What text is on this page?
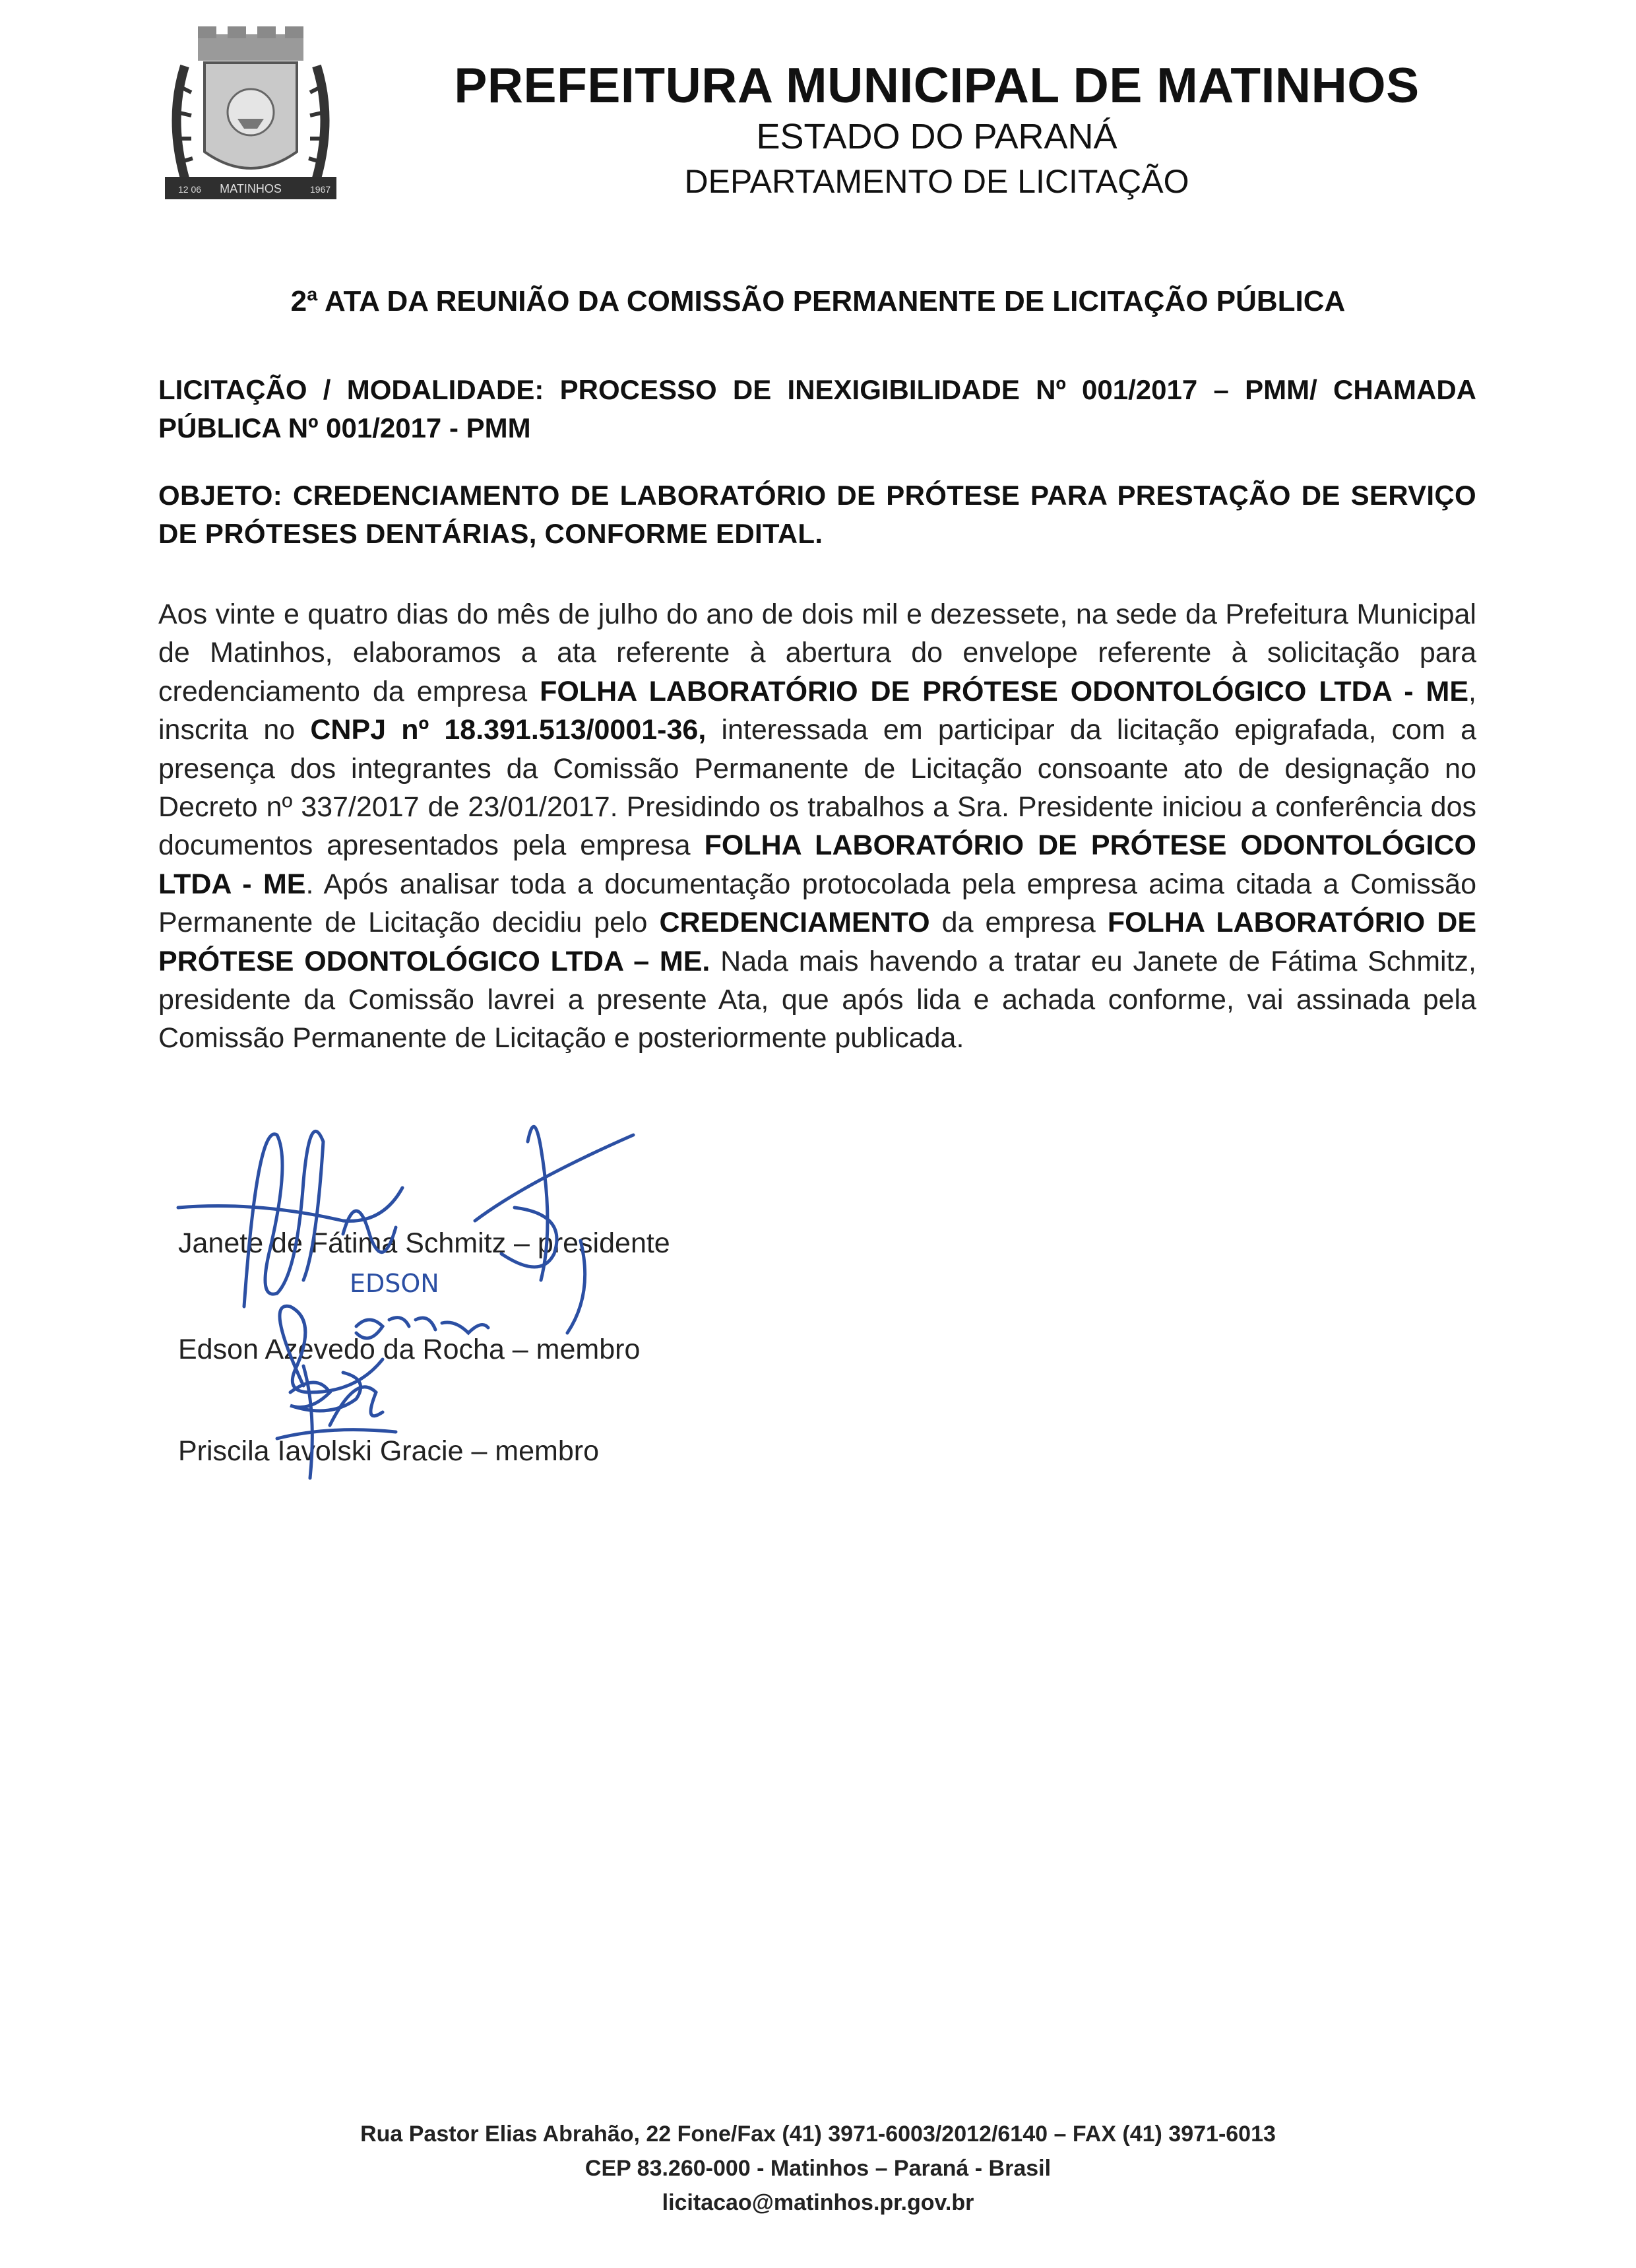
MATINHOS
12 06	1967
PREFEITURA MUNICIPAL DE MATINHOS
ESTADO DO PARANÁ
DEPARTAMENTO DE LICITAÇÃO
2ª ATA DA REUNIÃO DA COMISSÃO PERMANENTE DE LICITAÇÃO PÚBLICA
LICITAÇÃO / MODALIDADE: PROCESSO DE INEXIGIBILIDADE Nº 001/2017 – PMM/ CHAMADA PÚBLICA Nº 001/2017 - PMM
OBJETO: CREDENCIAMENTO DE LABORATÓRIO DE PRÓTESE PARA PRESTAÇÃO DE SERVIÇO DE PRÓTESES DENTÁRIAS, CONFORME EDITAL.
Aos vinte e quatro dias do mês de julho do ano de dois mil e dezessete, na sede da Prefeitura Municipal de Matinhos, elaboramos a ata referente à abertura do envelope referente à solicitação para credenciamento da empresa FOLHA LABORATÓRIO DE PRÓTESE ODONTOLÓGICO LTDA - ME, inscrita no CNPJ nº 18.391.513/0001-36, interessada em participar da licitação epigrafada, com a presença dos integrantes da Comissão Permanente de Licitação consoante ato de designação no Decreto nº 337/2017 de 23/01/2017. Presidindo os trabalhos a Sra. Presidente iniciou a conferência dos documentos apresentados pela empresa FOLHA LABORATÓRIO DE PRÓTESE ODONTOLÓGICO LTDA - ME. Após analisar toda a documentação protocolada pela empresa acima citada a Comissão Permanente de Licitação decidiu pelo CREDENCIAMENTO da empresa FOLHA LABORATÓRIO DE PRÓTESE ODONTOLÓGICO LTDA – ME. Nada mais havendo a tratar eu Janete de Fátima Schmitz, presidente da Comissão lavrei a presente Ata, que após lida e achada conforme, vai assinada pela Comissão Permanente de Licitação e posteriormente publicada.
Janete de Fátima Schmitz – presidente
Edson Azevedo da Rocha – membro
Priscila Iavolski Gracie – membro
EDSON
Rua Pastor Elias Abrahão, 22 Fone/Fax (41) 3971-6003/2012/6140 – FAX (41) 3971-6013
CEP 83.260-000 - Matinhos – Paraná - Brasil
licitacao@matinhos.pr.gov.br
